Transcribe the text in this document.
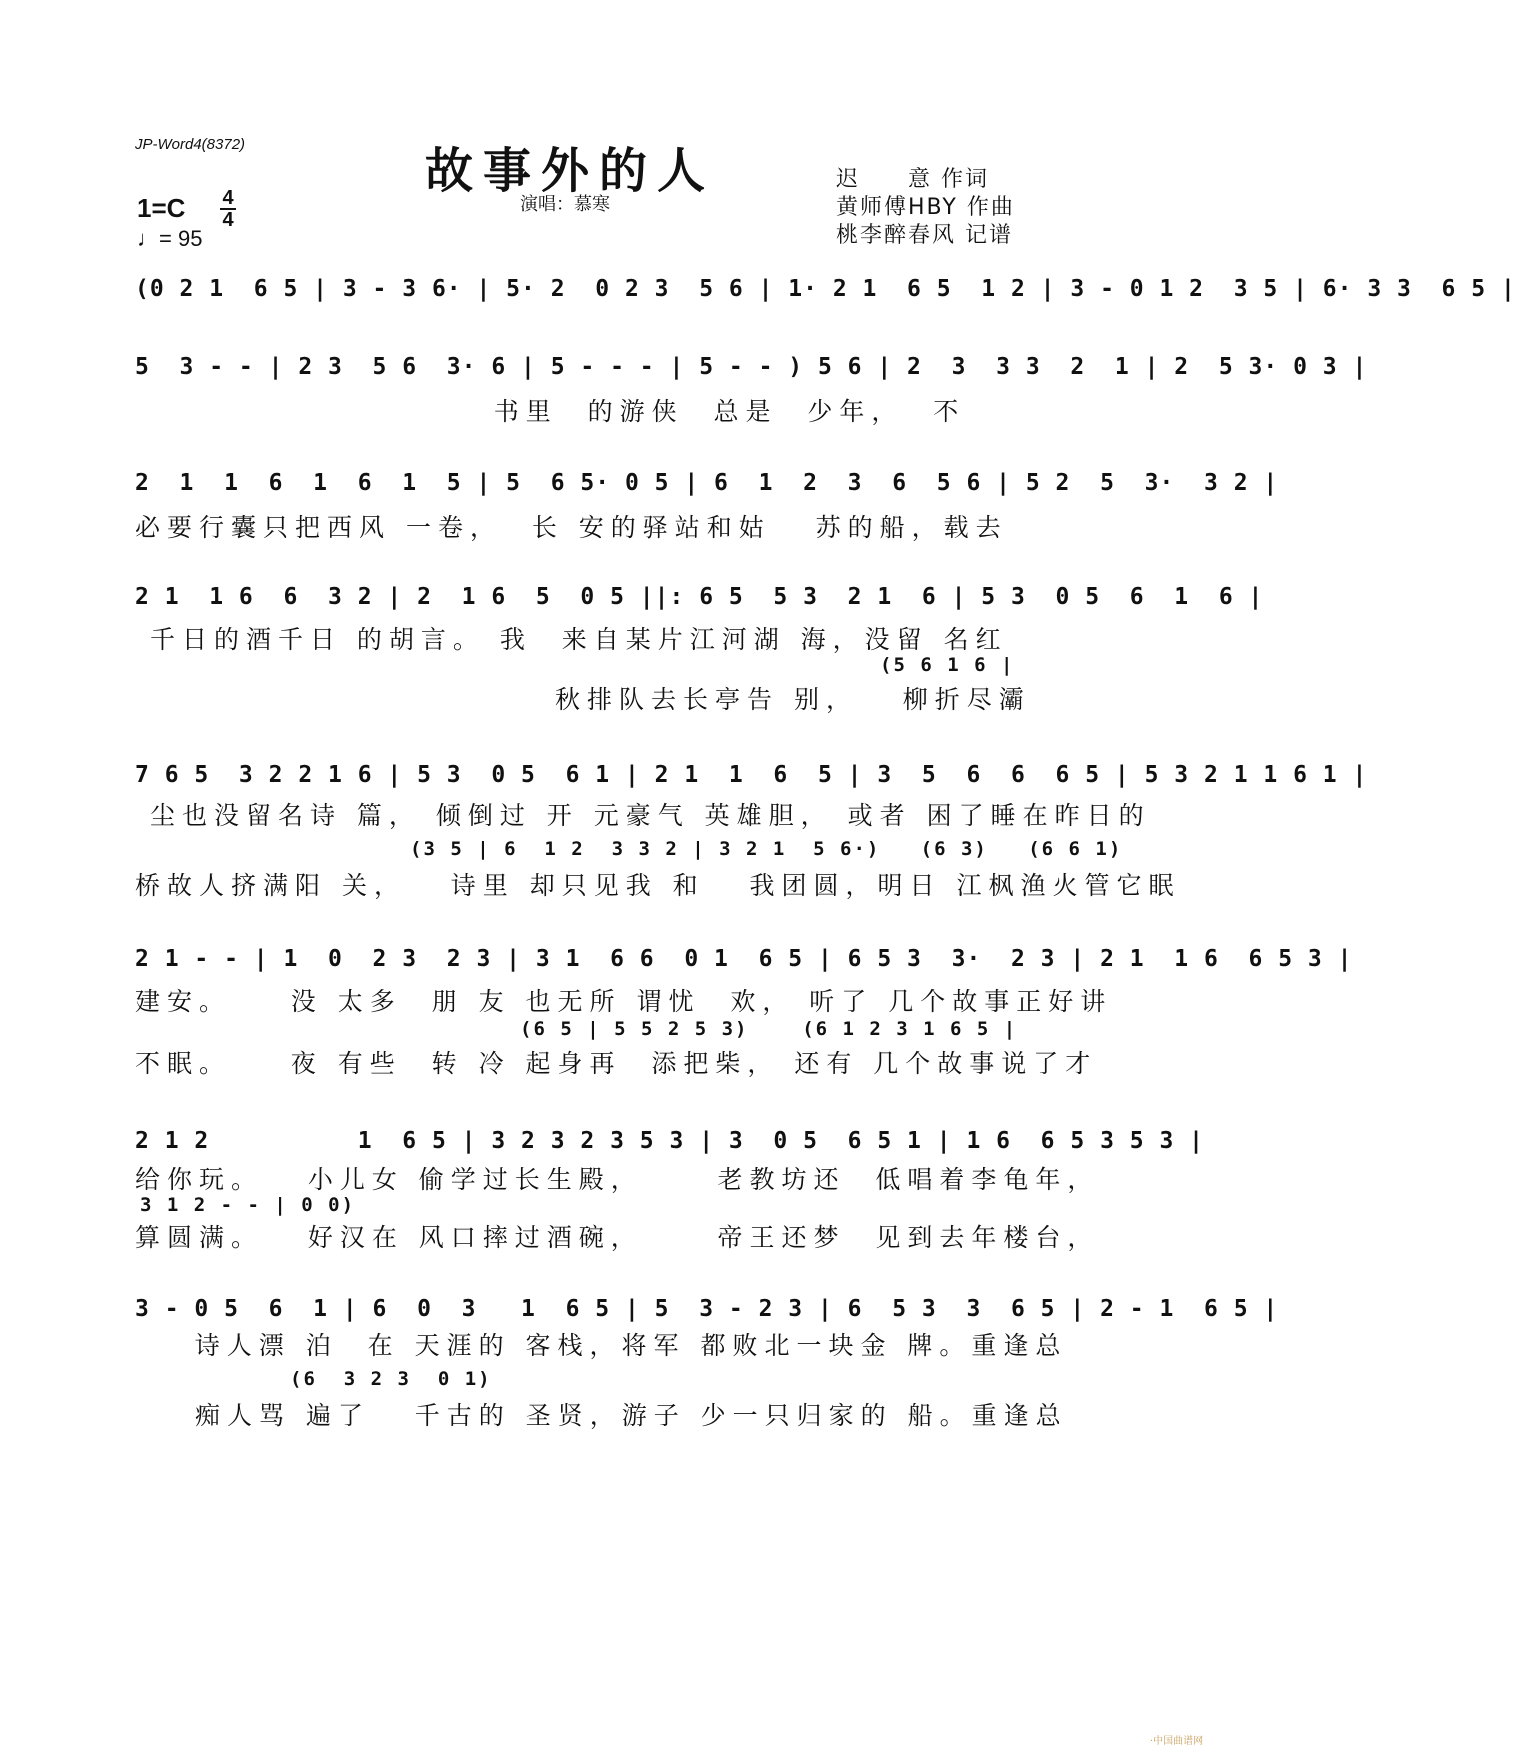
JP-Word4(8372)	故事外的人
演唱：慕寒
迟　　意 作词
黄师傅HBY 作曲
桃李醉春风 记谱
1=C 4
4
♩= 95
(0 2 1  6 5 | 3 - 3 6· | 5· 2  0 2 3  5 6 | 1· 2 1  6 5  1 2 | 3 - 0 1 2  3 5 | 6· 3 3  6 5 |
5  3 - - | 2 3  5 6  3· 6 | 5 - - - | 5 - - ) 5 6 | 2  3  3 3  2  1 | 2  5 3· 0 3 |
书里  的游侠  总是  少年，  不
2  1  1  6  1  6  1  5 | 5  6 5· 0 5 | 6  1  2  3  6  5 6 | 5 2  5  3·  3 2 |
必要行囊只把西风 一卷，  长 安的驿站和姑   苏的船，载去
2 1  1 6  6  3 2 | 2  1 6  5  0 5 ||: 6 5  5 3  2 1  6 | 5 3  0 5  6  1  6 |
千日的酒千日 的胡言。 我  来自某片江河湖 海，没留 名红
(5 6 1 6 |
秋排队去长亭告 别，   柳折尽灞
7 6 5  3 2 2 1 6 | 5 3  0 5  6 1 | 2 1  1  6  5 | 3  5  6  6  6 5 | 5 3 2 1 1 6 1 |
尘也没留名诗 篇， 倾倒过 开 元豪气 英雄胆， 或者 困了睡在昨日的
(3 5 | 6  1 2  3 3 2 | 3 2 1  5 6·)   (6 3)   (6 6 1)
桥故人挤满阳 关，   诗里 却只见我 和   我团圆，明日 江枫渔火管它眠
2 1 - - | 1  0  2 3  2 3 | 3 1  6 6  0 1  6 5 | 6 5 3  3·  2 3 | 2 1  1 6  6 5 3 |
建安。    没 太多  朋 友 也无所 谓忧  欢， 听了 几个故事正好讲
(6 5 | 5 5 2 5 3)    (6 1 2 3 1 6 5 |
不眠。    夜 有些  转 冷 起身再  添把柴， 还有 几个故事说了才
2 1 2          1  6 5 | 3 2 3 2 3 5 3 | 3  0 5  6 5 1 | 1 6  6 5 3 5 3 |
给你玩。   小儿女 偷学过长生殿，     老教坊还  低唱着李龟年，
3 1 2 - - | 0 0)
算圆满。   好汉在 风口摔过酒碗，     帝王还梦  见到去年楼台，
3 - 0 5  6  1 | 6  0  3   1  6 5 | 5  3 - 2 3 | 6  5 3  3  6 5 | 2 - 1  6 5 |
诗人漂 泊  在 天涯的 客栈，将军 都败北一块金 牌。重逢总
(6  3 2 3  0 1)
痴人骂 遍了   千古的 圣贤，游子 少一只归家的 船。重逢总
·中国曲谱网
